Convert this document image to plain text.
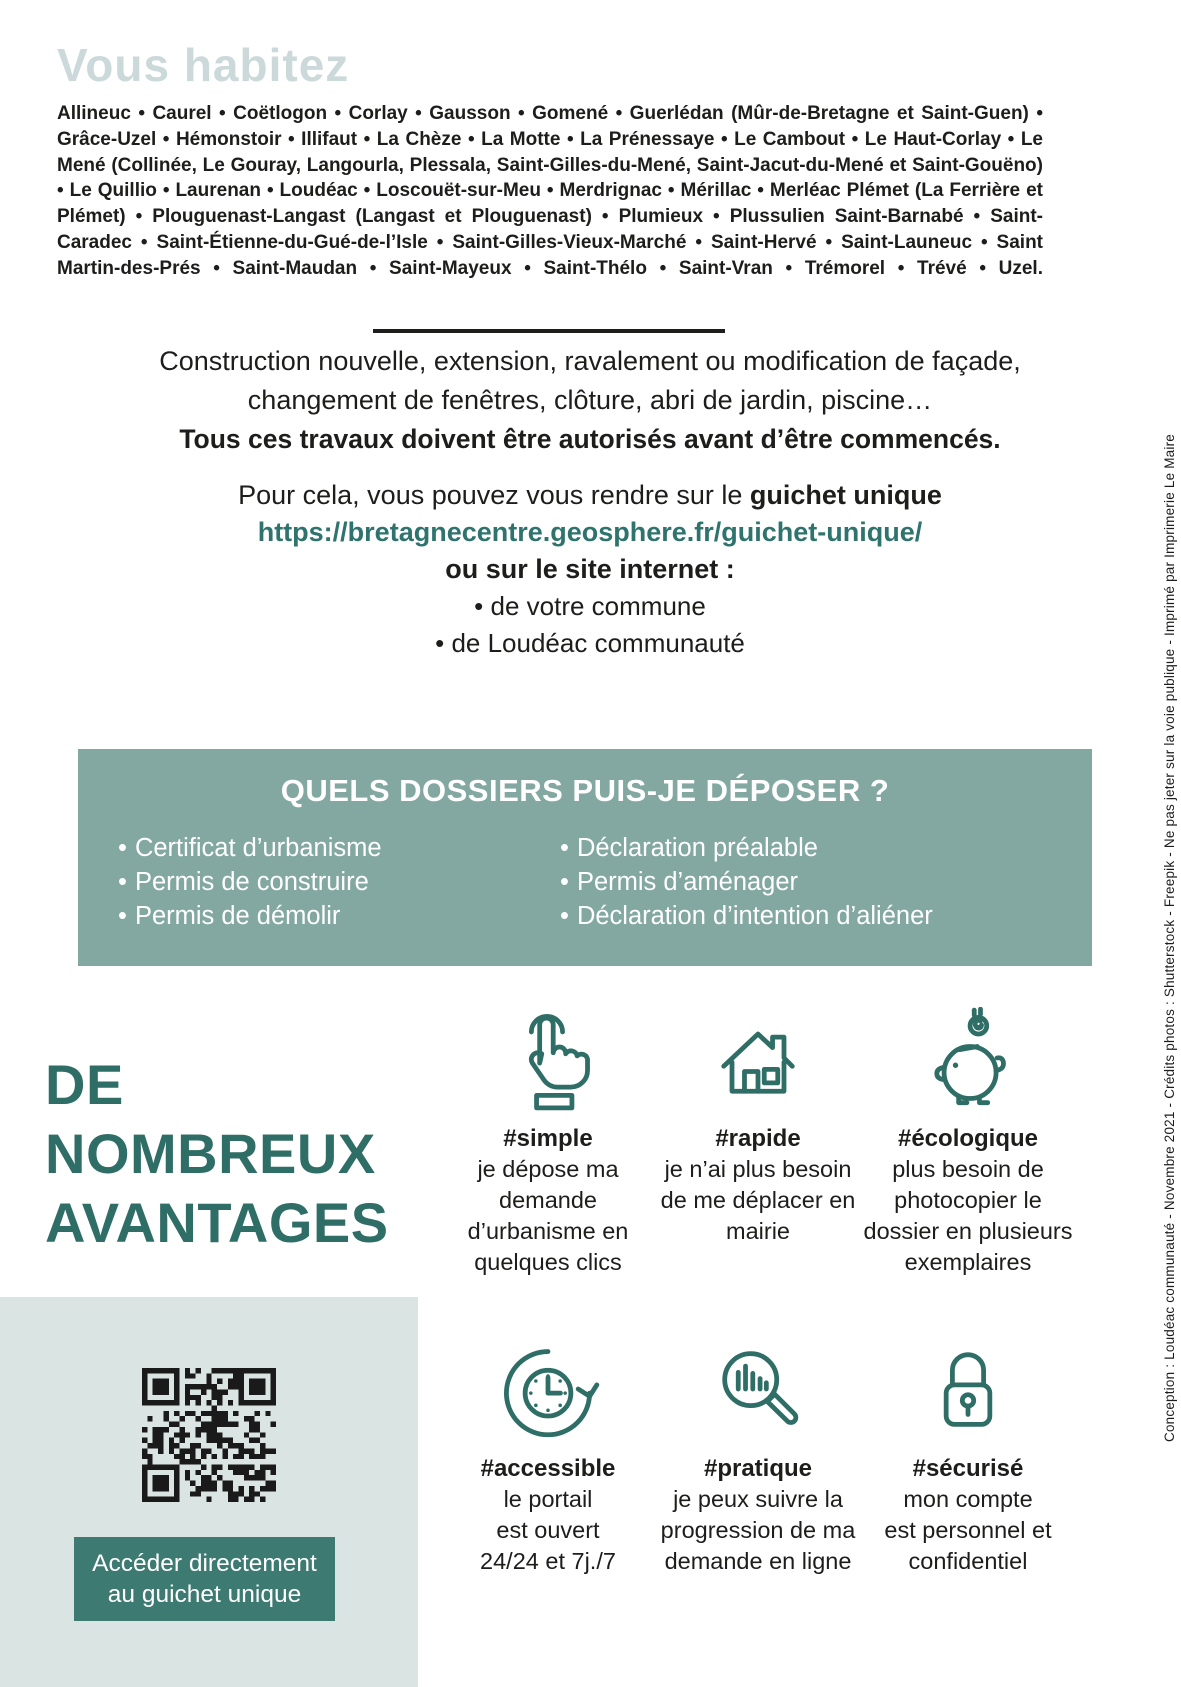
Vous habitez
Allineuc • Caurel • Coëtlogon • Corlay • Gausson • Gomené • Guerlédan (Mûr-de-Bretagne et Saint-Guen) • Grâce-Uzel • Hémonstoir • Illifaut • La Chèze • La Motte • La Prénessaye • Le Cambout • Le Haut-Corlay • Le Mené (Collinée, Le Gouray, Langourla, Plessala, Saint-Gilles-du-Mené, Saint-Jacut-du-Mené et Saint-Gouëno) • Le Quillio • Laurenan • Loudéac • Loscouët-sur-Meu • Merdrignac • Mérillac • Merléac Plémet (La Ferrière et Plémet) • Plouguenast-Langast (Langast et Plouguenast) • Plumieux • Plussulien Saint-Barnabé • Saint-Caradec • Saint-Étienne-du-Gué-de-l’Isle • Saint-Gilles-Vieux-Marché • Saint-Hervé • Saint-Launeuc • Saint Martin-des-Prés • Saint-Maudan • Saint-Mayeux • Saint-Thélo • Saint-Vran • Trémorel • Trévé • Uzel.
Construction nouvelle, extension, ravalement ou modification de façade,
changement de fenêtres, clôture, abri de jardin, piscine…
Tous ces travaux doivent être autorisés avant d’être commencés.
Pour cela, vous pouvez vous rendre sur le guichet unique
https://bretagnecentre.geosphere.fr/guichet-unique/
ou sur le site internet :
• de votre commune
• de Loudéac communauté
QUELS DOSSIERS PUIS-JE DÉPOSER ?
• Certificat d’urbanisme
• Permis de construire
• Permis de démolir
• Déclaration préalable
• Permis d’aménager
• Déclaration d’intention d’aliéner
DE
NOMBREUX
AVANTAGES
#simple
je dépose ma
demande
d’urbanisme en
quelques clics
#rapide
je n’ai plus besoin
de me déplacer en
mairie
#écologique
plus besoin de
photocopier le
dossier en plusieurs
exemplaires
#accessible
le portail
est ouvert
24/24 et 7j./7
#pratique
je peux suivre la
progression de ma
demande en ligne
#sécurisé
mon compte
est personnel et
confidentiel
Accéder directement
au guichet unique
Conception : Loudéac communauté - Novembre 2021 - Crédits photos : Shutterstock - Freepik - Ne pas jeter sur la voie publique - Imprimé par Imprimerie Le Maire
